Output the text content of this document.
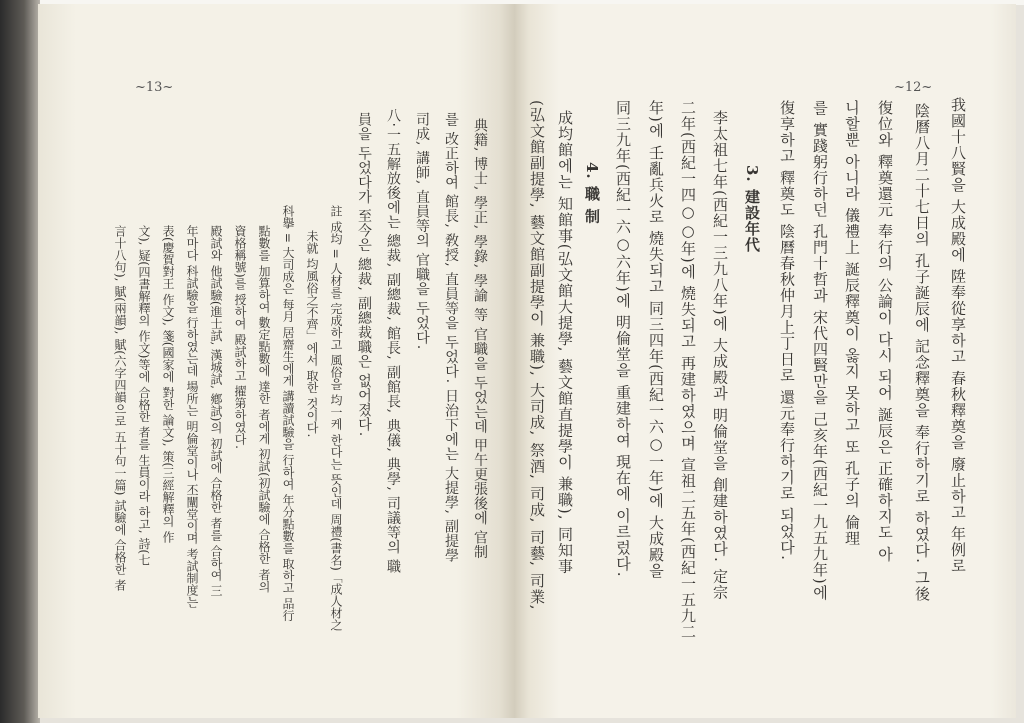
~13~
典籍, 博士, 學正, 學錄, 學諭 等 官職을 두었는데 甲午更張後에 官制
를 改正하여 館長, 敎授, 直員等을 두었다. 日治下에는 大提學, 副提學
司成, 講師, 直員等의 官職을 두었다.
八‧一五解放後에는 總裁, 副總裁, 館長, 副館長, 典儀, 典學, 司議等의 職
員을 두었다가 至今은 總裁, 副總裁職은 없어졌다.
註 成均 = 人材를 完成하고 風俗을 均一케 한다는 뜻인데 周禮(書名)「成人材之
未就 均風俗之不齊」에서 取한 것이다.
科擧 = 大司成은 每月 居齋生에게 講讀試驗을 行하여 年分點數를 取하고 品行
點數를 加算하여 數定點數에 達한 者에게 初試(初試驗에 合格한 者의
資格稱號)를 授하여 殿試하고 擢第하였다.
殿試와 他試驗(進士試, 漢城試, 鄕試)의 初試에 合格한 者를 合하여 三
年마다 科試驗을 行하였는데 場所는 明倫堂이나 丕闡堂이며 考試制度는
表(慶賀對王 作文), 箋(國家에 對한 論文), 策(三經解釋의 作
文), 疑(四書解釋의 作文)等에 合格한 者를 生員이라 하고, 詩(七
言十八句), 賦(兩韻), 賦(六字四韻으로 五十句一篇) 試驗에 合格한 者
~12~
我國十八賢을 大成殿에 陞奉從享하고 春秋釋奠을 廢止하고 年例로
陰曆八月二十七日의 孔子誕辰에 記念釋奠을 奉行하기로 하였다. 그後
復位와 釋奠還元 奉行의 公論이 다시 되어 誕辰은 正確하지도 아
니할뿐 아니라 儀禮上 誕辰釋奠이 옳지 못하고 또 孔子의 倫理
를 實踐躬行하던 孔門十哲과 宋代四賢만을 己亥年(西紀一九五九年)에
復享하고 釋奠도 陰曆春秋仲月上丁日로 還元奉行하기로 되었다.
3. 建設年代
李太祖七年(西紀一三九八年)에 大成殿과 明倫堂을 創建하였다. 定宗
二年(西紀一四○○年)에 燒失되고 再建하였으며 宣祖二五年(西紀一五九二
年)에 壬亂兵火로 燒失되고 同三四年(西紀一六○一年)에 大成殿을
同三九年(西紀一六○六年)에 明倫堂을 重建하여 現在에 이르렀다.
4. 職 制
成均館에는 知館事(弘文館大提學, 藝文館直提學이 兼職), 同知事
(弘文館副提學, 藝文館副提學이 兼職), 大司成, 祭酒, 司成, 司藝, 司業,
